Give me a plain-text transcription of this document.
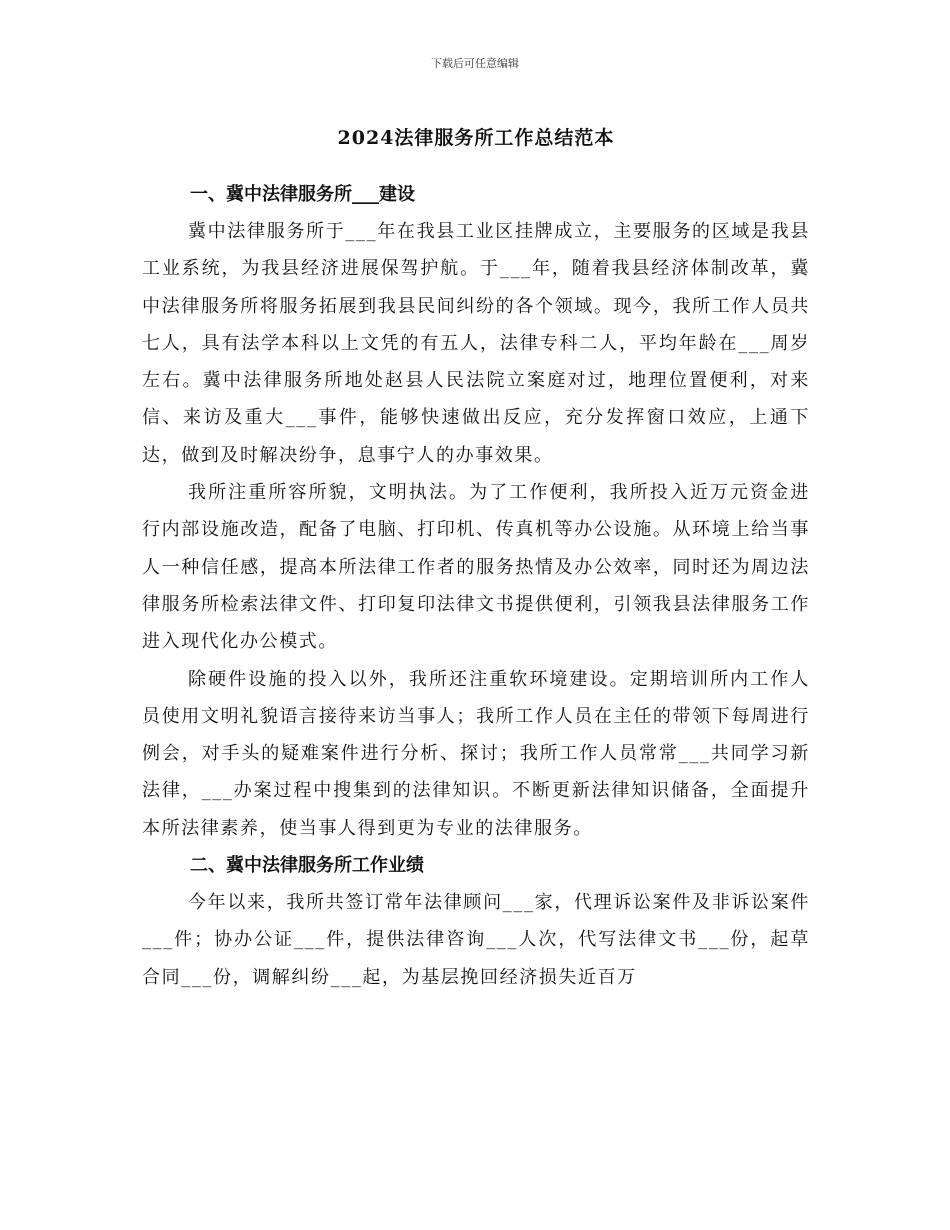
下载后可任意编辑
2024法律服务所工作总结范本
一、冀中法律服务所___建设

冀中法律服务所于___年在我县工业区挂牌成立，主要服务的区域是我县工业系统，为我县经济进展保驾护航。于___年，随着我县经济体制改革，冀中法律服务所将服务拓展到我县民间纠纷的各个领域。现今，我所工作人员共七人，具有法学本科以上文凭的有五人，法律专科二人，平均年龄在___周岁左右。冀中法律服务所地处赵县人民法院立案庭对过，地理位置便利，对来信、来访及重大___事件，能够快速做出反应，充分发挥窗口效应，上通下达，做到及时解决纷争，息事宁人的办事效果。

我所注重所容所貌，文明执法。为了工作便利，我所投入近万元资金进行内部设施改造，配备了电脑、打印机、传真机等办公设施。从环境上给当事人一种信任感，提高本所法律工作者的服务热情及办公效率，同时还为周边法律服务所检索法律文件、打印复印法律文书提供便利，引领我县法律服务工作进入现代化办公模式。

除硬件设施的投入以外，我所还注重软环境建设。定期培训所内工作人员使用文明礼貌语言接待来访当事人；我所工作人员在主任的带领下每周进行例会，对手头的疑难案件进行分析、探讨；我所工作人员常常___共同学习新法律，___办案过程中搜集到的法律知识。不断更新法律知识储备，全面提升本所法律素养，使当事人得到更为专业的法律服务。

二、冀中法律服务所工作业绩

今年以来，我所共签订常年法律顾问___家，代理诉讼案件及非诉讼案件___件；协办公证___件，提供法律咨询___人次，代写法律文书___份，起草合同___份，调解纠纷___起，为基层挽回经济损失近百万
